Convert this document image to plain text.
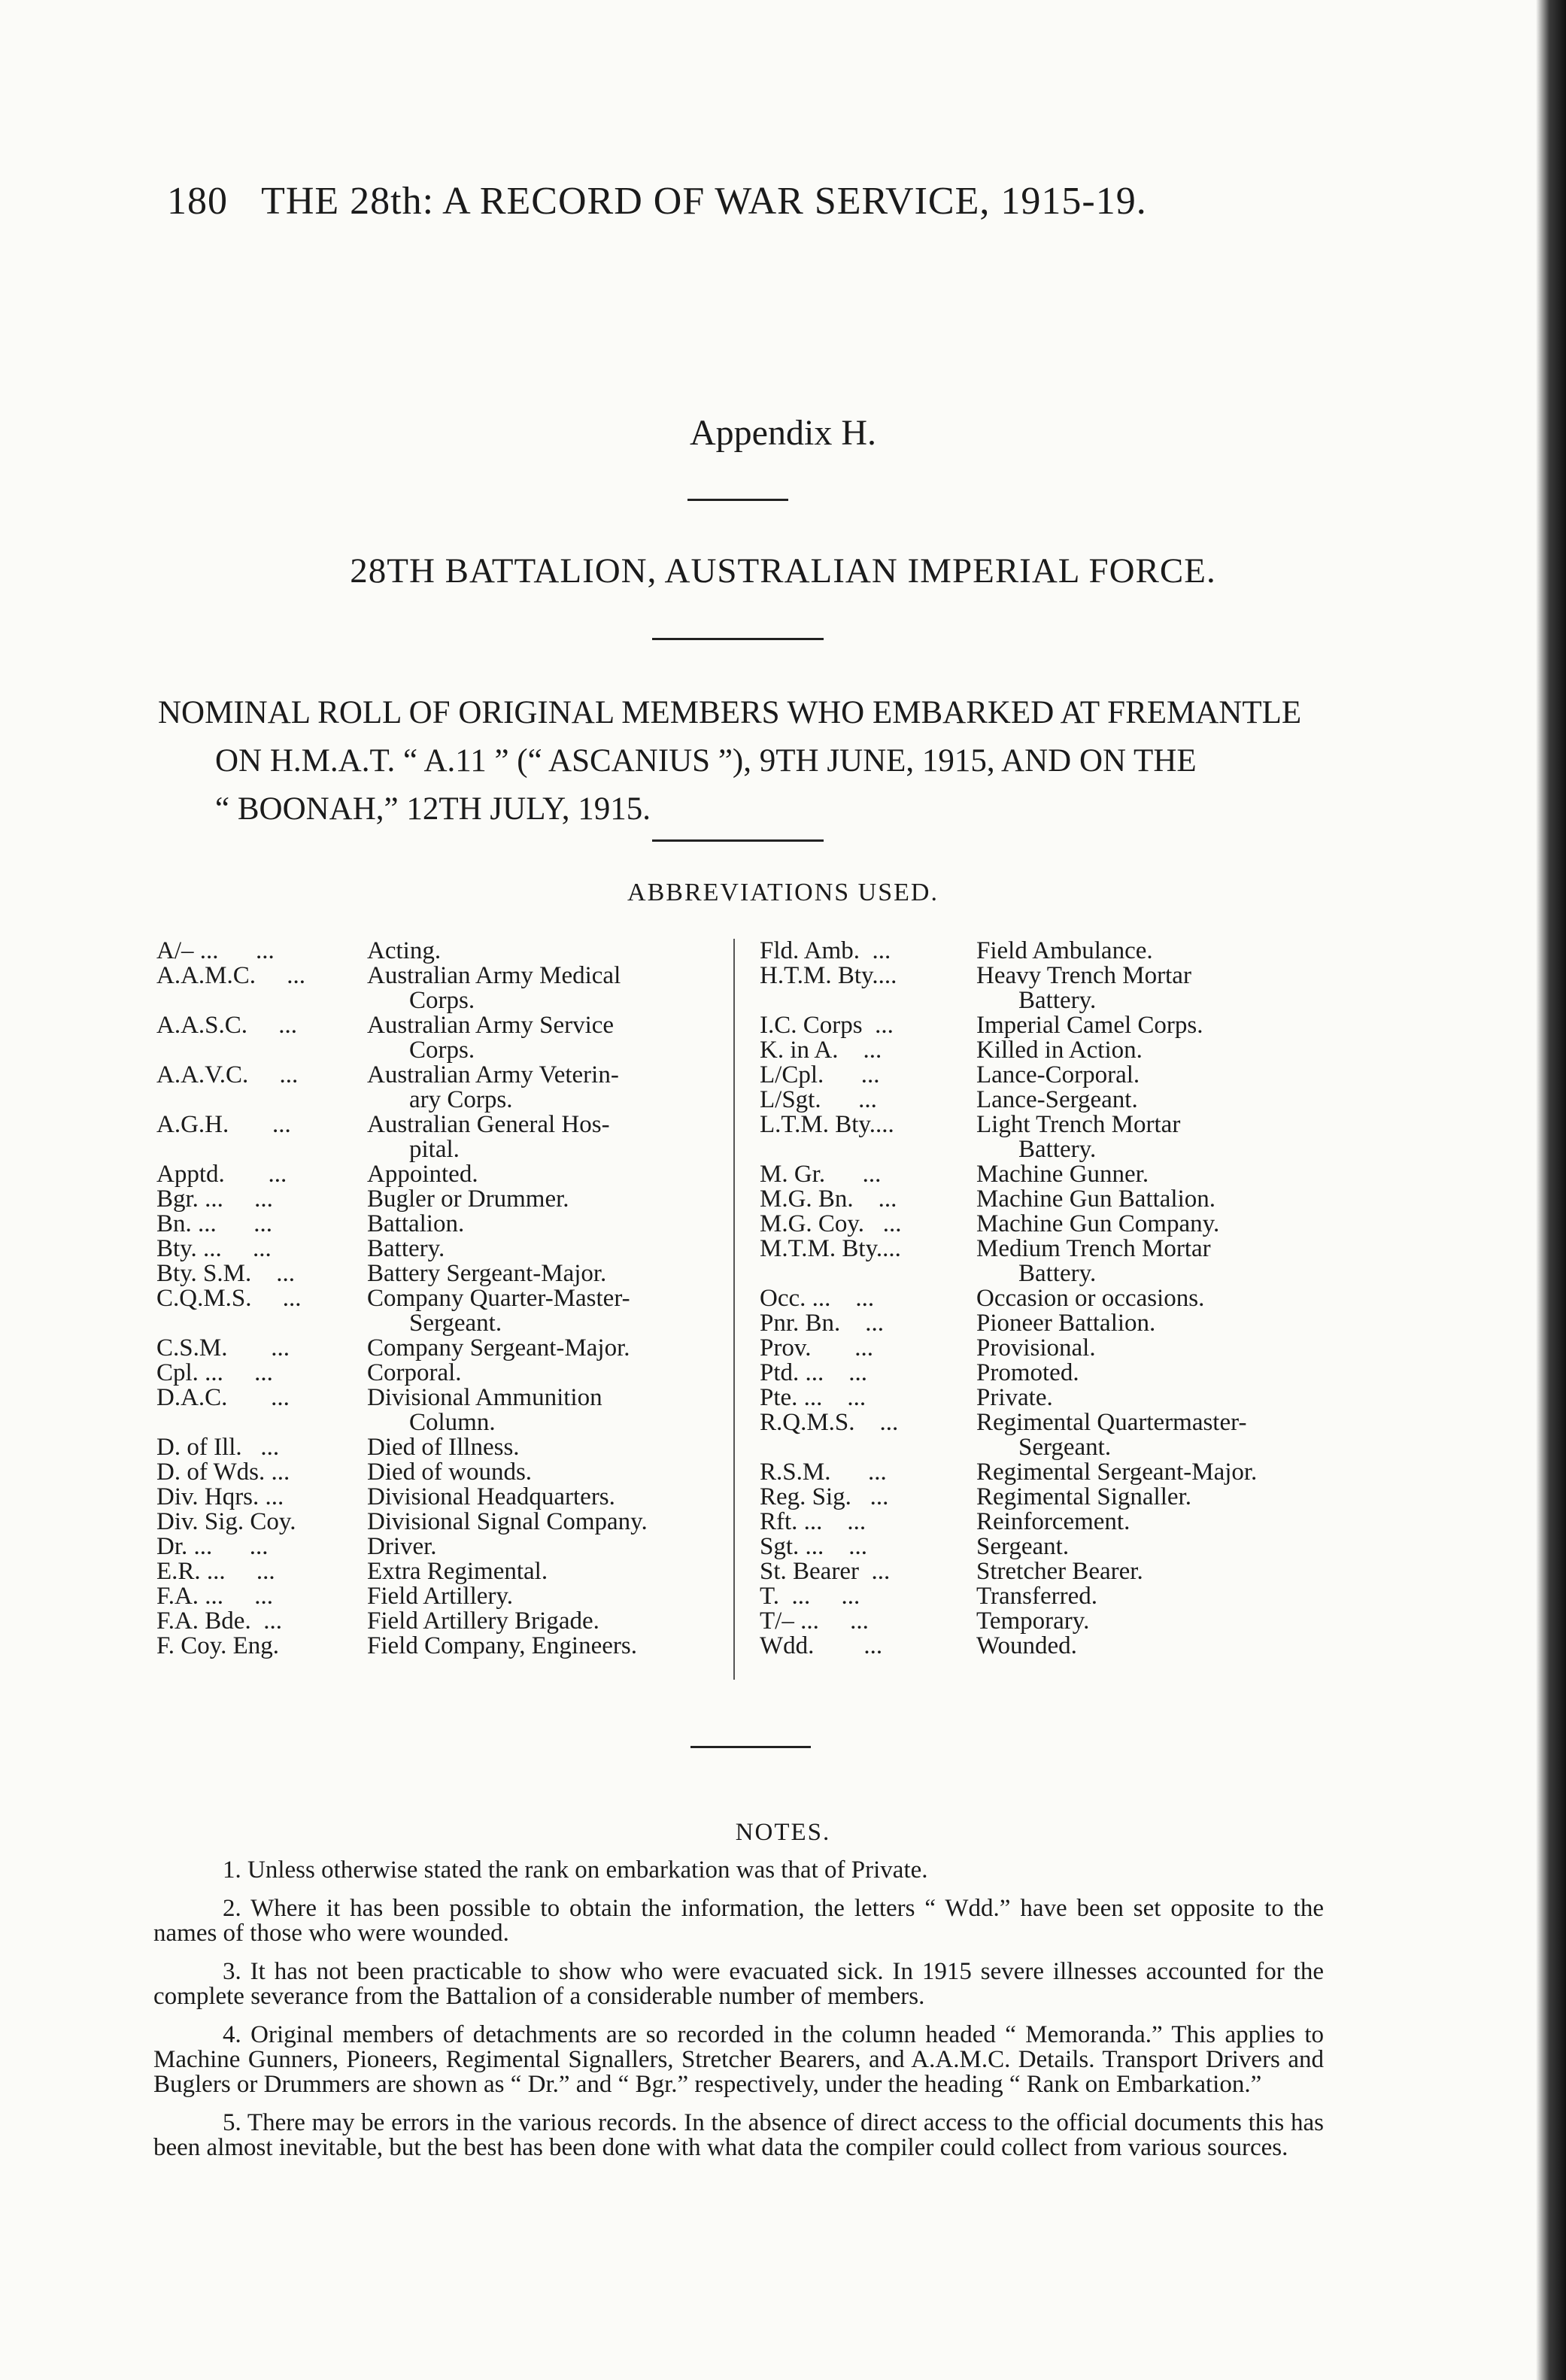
180 THE 28th: A RECORD OF WAR SERVICE, 1915-19.
Appendix H.
28TH BATTALION, AUSTRALIAN IMPERIAL FORCE.

NOMINAL ROLL OF ORIGINAL MEMBERS WHO EMBARKED AT FREMANTLE

ON H.M.A.T. “ A.11 ” (“ ASCANIUS ”), 9TH JUNE, 1915, AND ON THE

“ BOONAH,” 12TH JULY, 1915.

ABBREVIATIONS USED.
A/– ...      ...	Acting.
A.A.M.C.     ...	Australian Army Medical
Corps.
A.A.S.C.     ...	Australian Army Service
Corps.
A.A.V.C.     ...	Australian Army Veterin-
ary Corps.
A.G.H.       ...	Australian General Hos-
pital.
Apptd.       ...	Appointed.
Bgr. ...     ...	Bugler or Drummer.
Bn. ...      ...	Battalion.
Bty. ...     ...	Battery.
Bty. S.M.    ...	Battery Sergeant-Major.
C.Q.M.S.     ...	Company Quarter-Master-
Sergeant.
C.S.M.       ...	Company Sergeant-Major.
Cpl. ...     ...	Corporal.
D.A.C.       ...	Divisional Ammunition
Column.
D. of Ill.   ...	Died of Illness.
D. of Wds. ...	Died of wounds.
Div. Hqrs. ...	Divisional Headquarters.
Div. Sig. Coy.	Divisional Signal Company.
Dr. ...      ...	Driver.
E.R. ...     ...	Extra Regimental.
F.A. ...     ...	Field Artillery.
F.A. Bde.  ...	Field Artillery Brigade.
F. Coy. Eng.	Field Company, Engineers.
Fld. Amb.  ...	Field Ambulance.
H.T.M. Bty....	Heavy Trench Mortar
Battery.
I.C. Corps  ...	Imperial Camel Corps.
K. in A.    ...	Killed in Action.
L/Cpl.      ...	Lance-Corporal.
L/Sgt.      ...	Lance-Sergeant.
L.T.M. Bty....	Light Trench Mortar
Battery.
M. Gr.      ...	Machine Gunner.
M.G. Bn.    ...	Machine Gun Battalion.
M.G. Coy.   ...	Machine Gun Company.
M.T.M. Bty....	Medium Trench Mortar
Battery.
Occ. ...    ...	Occasion or occasions.
Pnr. Bn.    ...	Pioneer Battalion.
Prov.       ...	Provisional.
Ptd. ...    ...	Promoted.
Pte. ...    ...	Private.
R.Q.M.S.    ...	Regimental Quartermaster-
Sergeant.
R.S.M.      ...	Regimental Sergeant-Major.
Reg. Sig.   ...	Regimental Signaller.
Rft. ...    ...	Reinforcement.
Sgt. ...    ...	Sergeant.
St. Bearer  ...	Stretcher Bearer.
T.  ...     ...	Transferred.
T/– ...     ...	Temporary.
Wdd.        ...	Wounded.
NOTES.

1. Unless otherwise stated the rank on embarkation was that of Private.

2. Where it has been possible to obtain the information, the letters “ Wdd.” have been set opposite to the names of those who were wounded.

3. It has not been practicable to show who were evacuated sick. In 1915 severe illnesses accounted for the complete severance from the Battalion of a considerable number of members.

4. Original members of detachments are so recorded in the column headed “ Memoranda.” This applies to Machine Gunners, Pioneers, Regimental Signallers, Stretcher Bearers, and A.A.M.C. Details. Transport Drivers and Buglers or Drummers are shown as “ Dr.” and “ Bgr.” respectively, under the heading “ Rank on Embarkation.”

5. There may be errors in the various records. In the absence of direct access to the official documents this has been almost inevitable, but the best has been done with what data the compiler could collect from various sources.
